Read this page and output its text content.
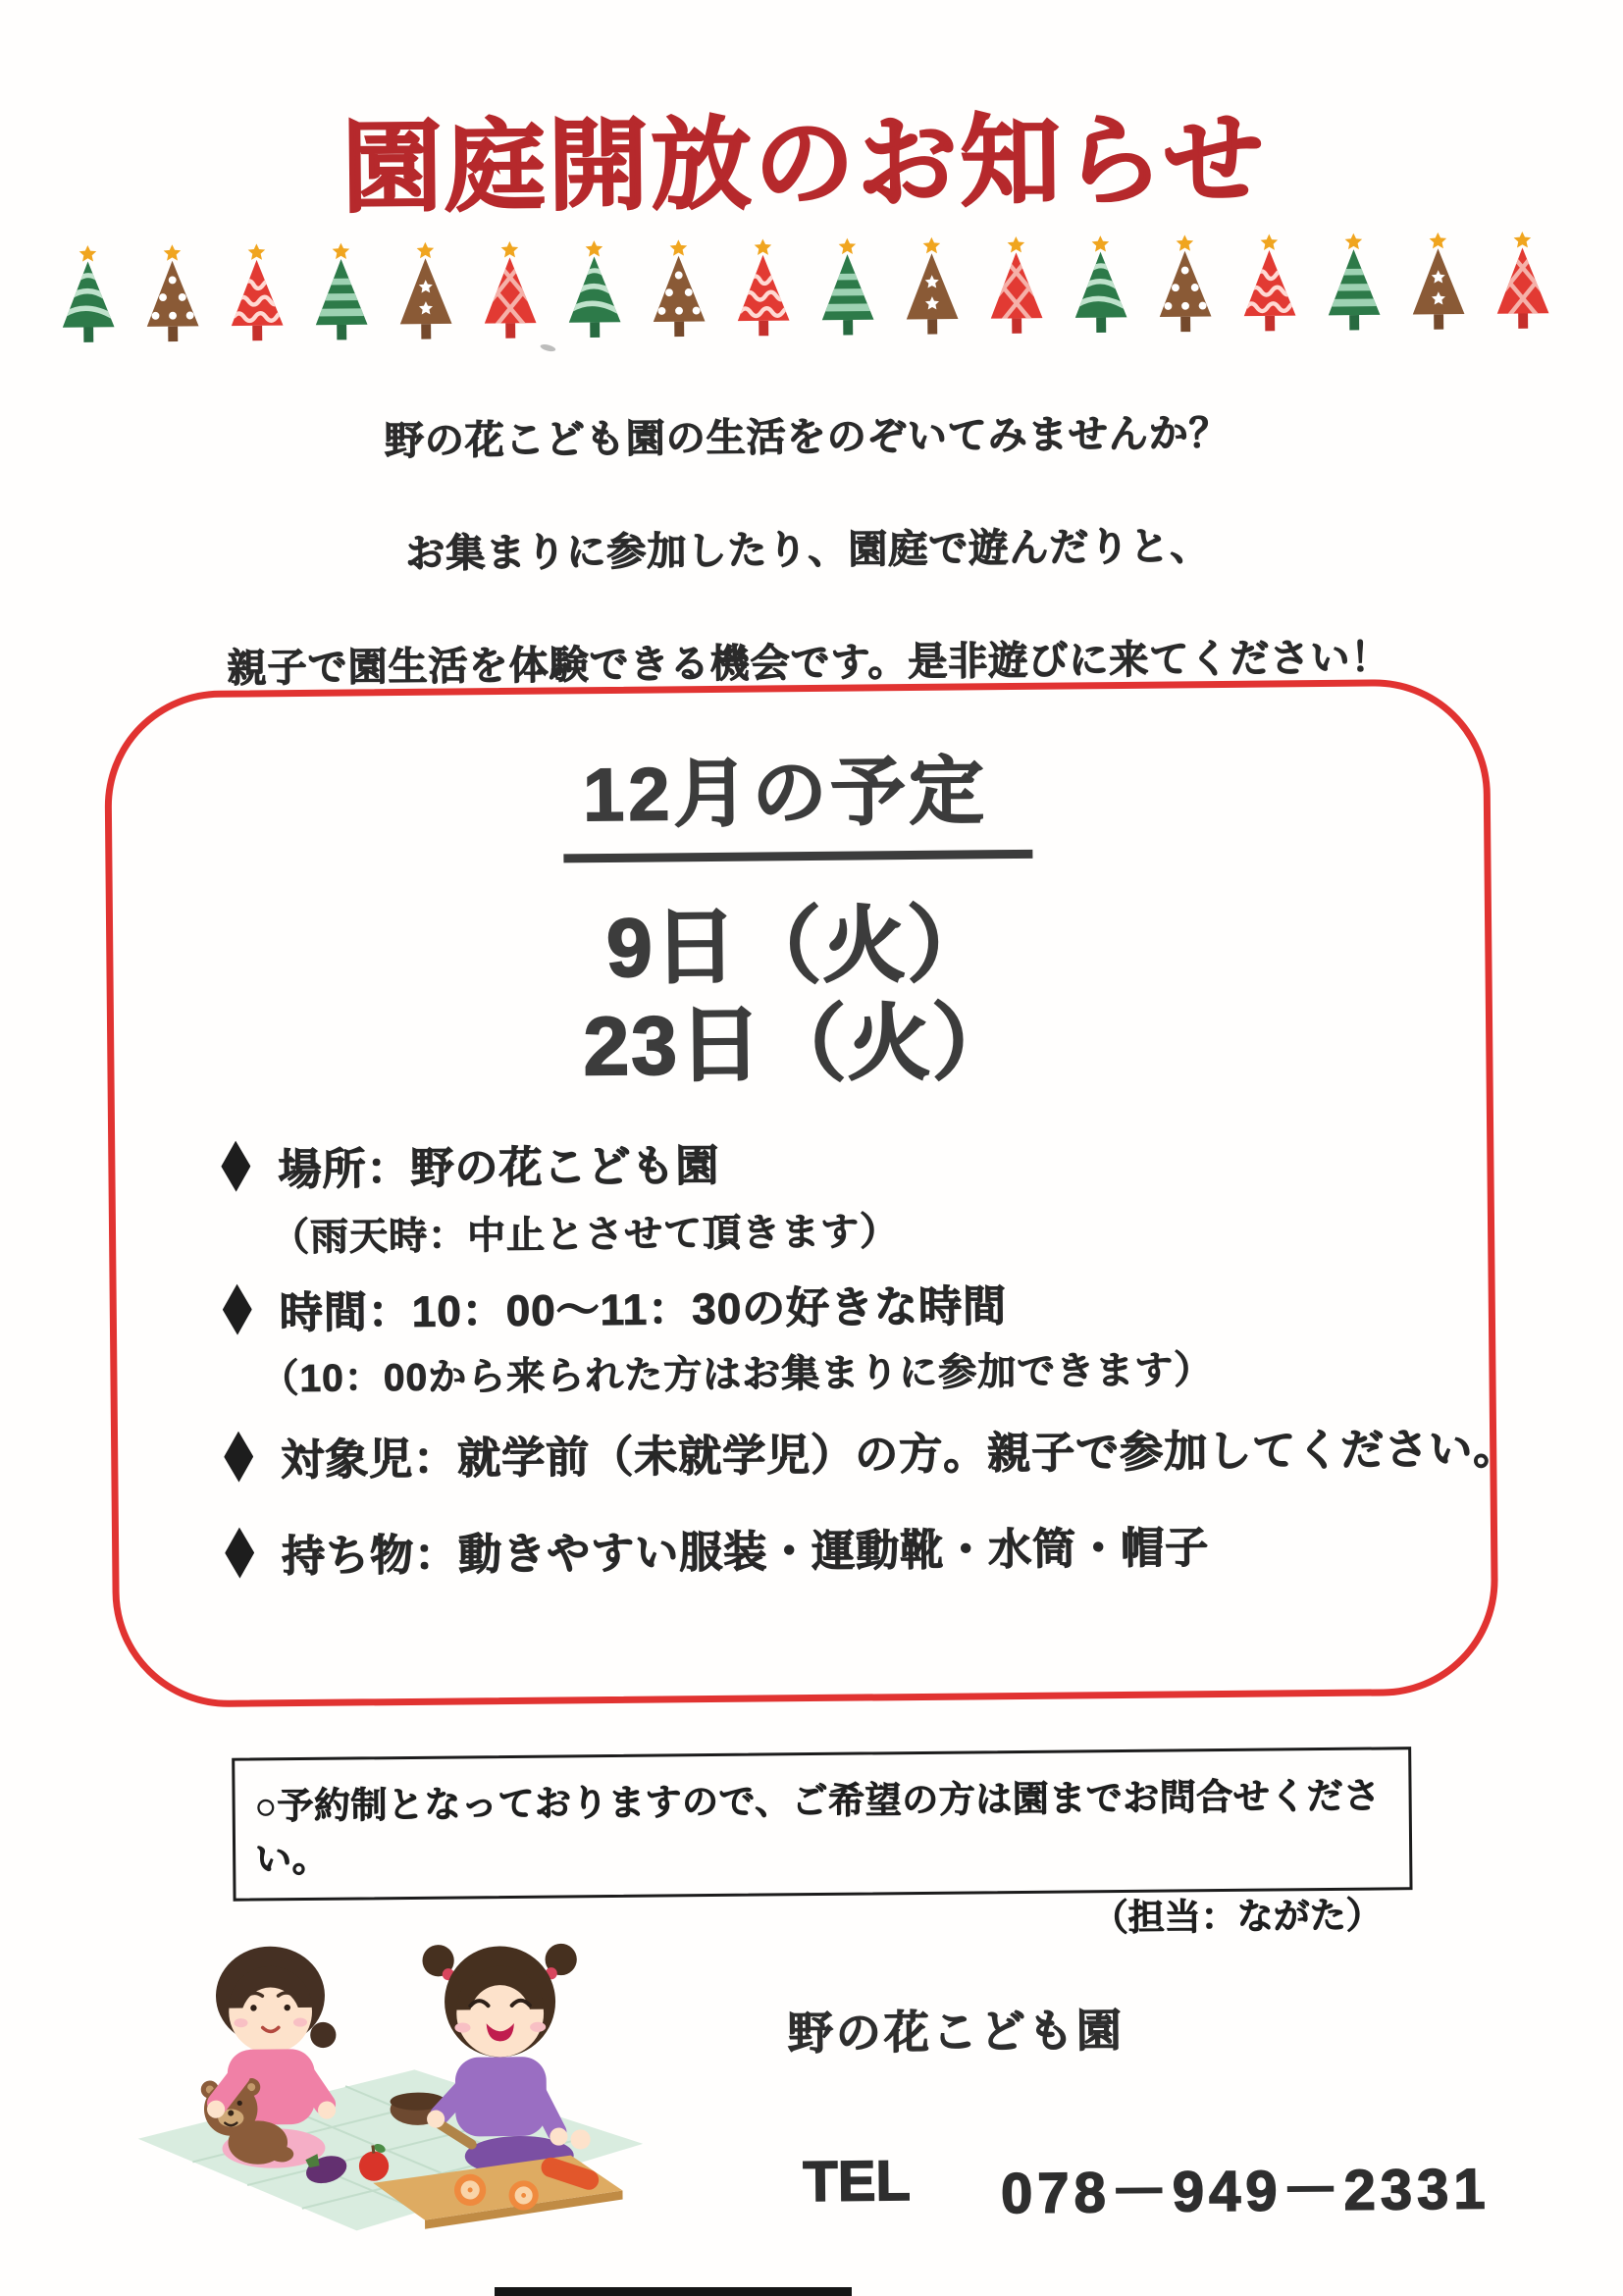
園庭開放のお知らせ

野の花こども園の生活をのぞいてみませんか？

お集まりに参加したり、園庭で遊んだりと、

親子で園生活を体験できる機会です。是非遊びに来てください！

12月の予定
9日（火）
23日（火）
場所：野の花こども園
（雨天時：中止とさせて頂きます）
時間：10：00～11：30の好きな時間
（10：00から来られた方はお集まりに参加できます）
対象児：就学前（未就学児）の方。親子で参加してください。
持ち物：動きやすい服装・運動靴・水筒・帽子
○予約制となっておりますので、ご希望の方は園までお問合せください。
（担当：ながた）
野の花こども園
TEL 078－949－2331
